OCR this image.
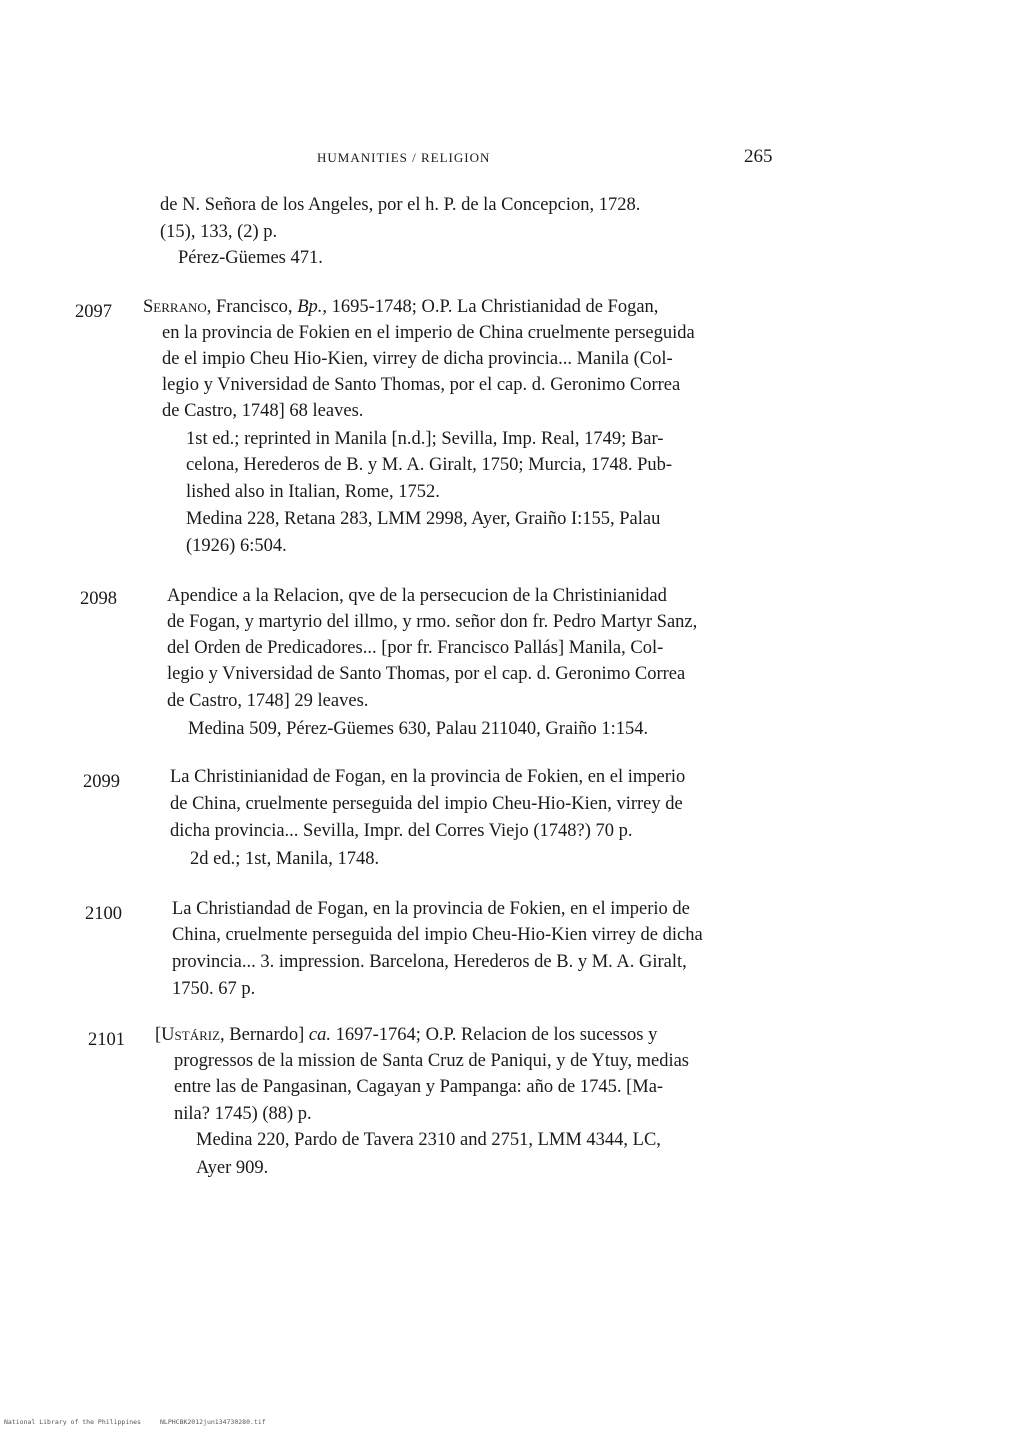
HUMANITIES / RELIGION	265

de N. Señora de los Angeles, por el h. P. de la Concepcion, 1728.

(15), 133, (2) p.

Pérez-Güemes 471.

2097 Serrano, Francisco, Bp., 1695-1748; O.P. La Christianidad de Fogan,

en la provincia de Fokien en el imperio de China cruelmente perseguida

de el impio Cheu Hio-Kien, virrey de dicha provincia... Manila (Col-

legio y Vniversidad de Santo Thomas, por el cap. d. Geronimo Correa

de Castro, 1748] 68 leaves.

1st ed.; reprinted in Manila [n.d.]; Sevilla, Imp. Real, 1749; Bar-

celona, Herederos de B. y M. A. Giralt, 1750; Murcia, 1748. Pub-

lished also in Italian, Rome, 1752.

Medina 228, Retana 283, LMM 2998, Ayer, Graiño I:155, Palau

(1926) 6:504.

2098	Apendice a la Relacion, qve de la persecucion de la Christinianidad

de Fogan, y martyrio del illmo, y rmo. señor don fr. Pedro Martyr Sanz,

del Orden de Predicadores... [por fr. Francisco Pallás] Manila, Col-

legio y Vniversidad de Santo Thomas, por el cap. d. Geronimo Correa

de Castro, 1748] 29 leaves.

Medina 509, Pérez-Güemes 630, Palau 211040, Graiño 1:154.

2099	La Christinianidad de Fogan, en la provincia de Fokien, en el imperio

de China, cruelmente perseguida del impio Cheu-Hio-Kien, virrey de

dicha provincia... Sevilla, Impr. del Corres Viejo (1748?) 70 p.

2d ed.; 1st, Manila, 1748.

2100	La Christiandad de Fogan, en la provincia de Fokien, en el imperio de

China, cruelmente perseguida del impio Cheu-Hio-Kien virrey de dicha

provincia... 3. impression. Barcelona, Herederos de B. y M. A. Giralt,

1750. 67 p.

2101 [Ustáriz, Bernardo] ca. 1697-1764; O.P. Relacion de los sucessos y

progressos de la mission de Santa Cruz de Paniqui, y de Ytuy, medias

entre las de Pangasinan, Cagayan y Pampanga: año de 1745. [Ma-

nila? 1745) (88) p.

Medina 220, Pardo de Tavera 2310 and 2751, LMM 4344, LC,

Ayer 909.

National Library of the Philippines	NLPHCBK2012jun134730280.tif
